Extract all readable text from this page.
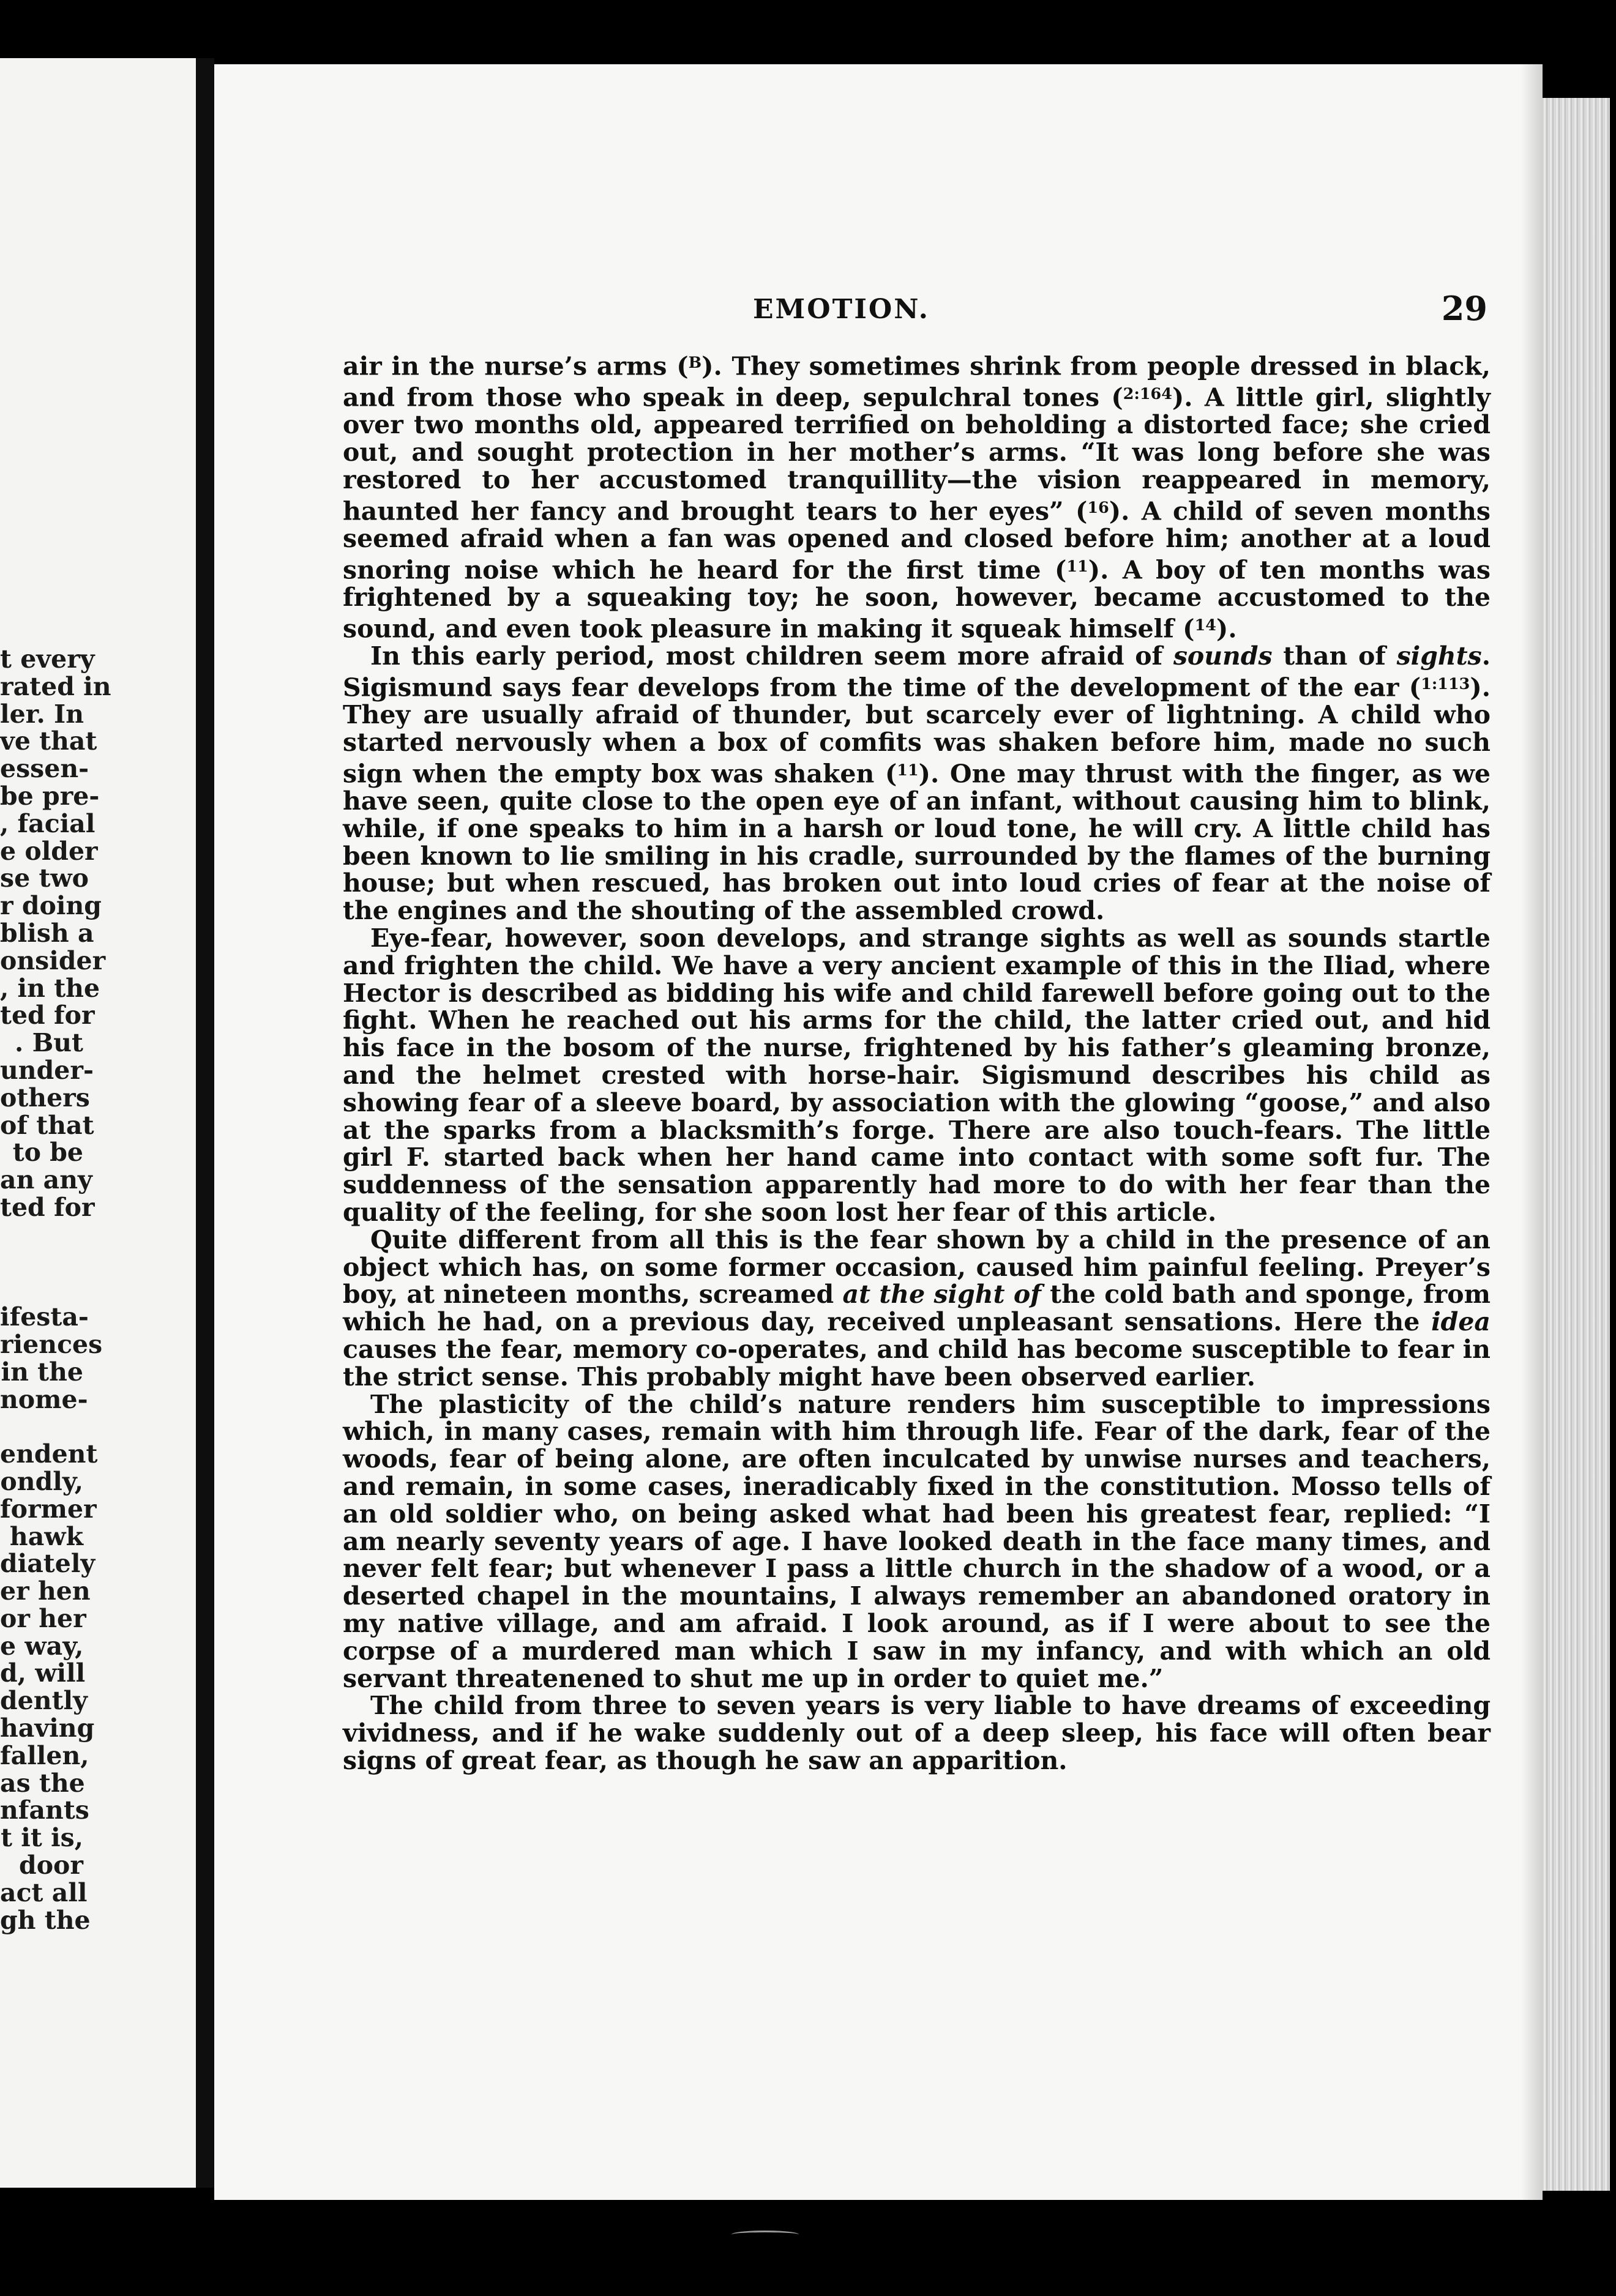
t every
rated in
ler. In
ve that
essen-
be pre-
, facial
e older
se two
r doing
blish a
onsider
, in the
ted for
. But
under-
others
of that
to be
an any
ted for

ifesta-
riences
in the
nome-

endent
ondly,
former
hawk
diately
er hen
or her
e way,
d, will
dently
having
fallen,
as the
nfants
t it is,
door
act all
gh the
EMOTION.	29

air in the nurse’s arms ($^B$). They sometimes shrink from people dressed in black, and from those who speak in deep, sepulchral tones ($^{2:164}$). A little girl, slightly over two months old, appeared terrified on beholding a distorted face; she cried out, and sought protection in her mother’s arms. “It was long before she was restored to her accustomed tranquillity—the vision reappeared in memory, haunted her fancy and brought tears to her eyes” ($^{16}$). A child of seven months seemed afraid when a fan was opened and closed before him; another at a loud snoring noise which he heard for the first time ($^{11}$). A boy of ten months was frightened by a squeaking toy; he soon, however, became accustomed to the sound, and even took pleasure in making it squeak himself ($^{14}$).

In this early period, most children seem more afraid of sounds than of sights. Sigismund says fear develops from the time of the development of the ear ($^{1:113}$). They are usually afraid of thunder, but scarcely ever of lightning. A child who started nervously when a box of comfits was shaken before him, made no such sign when the empty box was shaken ($^{11}$). One may thrust with the finger, as we have seen, quite close to the open eye of an infant, without causing him to blink, while, if one speaks to him in a harsh or loud tone, he will cry. A little child has been known to lie smiling in his cradle, surrounded by the flames of the burning house; but when rescued, has broken out into loud cries of fear at the noise of the engines and the shouting of the assembled crowd.

Eye-fear, however, soon develops, and strange sights as well as sounds startle and frighten the child. We have a very ancient example of this in the Iliad, where Hector is described as bidding his wife and child farewell before going out to the fight. When he reached out his arms for the child, the latter cried out, and hid his face in the bosom of the nurse, frightened by his father’s gleaming bronze, and the helmet crested with horse-hair. Sigismund describes his child as showing fear of a sleeve board, by association with the glowing “goose,” and also at the sparks from a blacksmith’s forge. There are also touch-fears. The little girl F. started back when her hand came into contact with some soft fur. The suddenness of the sensation apparently had more to do with her fear than the quality of the feeling, for she soon lost her fear of this article.

Quite different from all this is the fear shown by a child in the presence of an object which has, on some former occasion, caused him painful feeling. Preyer’s boy, at nineteen months, screamed at the sight of the cold bath and sponge, from which he had, on a previous day, received unpleasant sensations. Here the idea causes the fear, memory co-operates, and child has become susceptible to fear in the strict sense. This probably might have been observed earlier.

The plasticity of the child’s nature renders him susceptible to impressions which, in many cases, remain with him through life. Fear of the dark, fear of the woods, fear of being alone, are often inculcated by unwise nurses and teachers, and remain, in some cases, ineradicably fixed in the constitution. Mosso tells of an old soldier who, on being asked what had been his greatest fear, replied: “I am nearly seventy years of age. I have looked death in the face many times, and never felt fear; but whenever I pass a little church in the shadow of a wood, or a deserted chapel in the mountains, I always remember an abandoned oratory in my native village, and am afraid. I look around, as if I were about to see the corpse of a murdered man which I saw in my infancy, and with which an old servant threatenened to shut me up in order to quiet me.”

The child from three to seven years is very liable to have dreams of exceeding vividness, and if he wake suddenly out of a deep sleep, his face will often bear signs of great fear, as though he saw an apparition.
